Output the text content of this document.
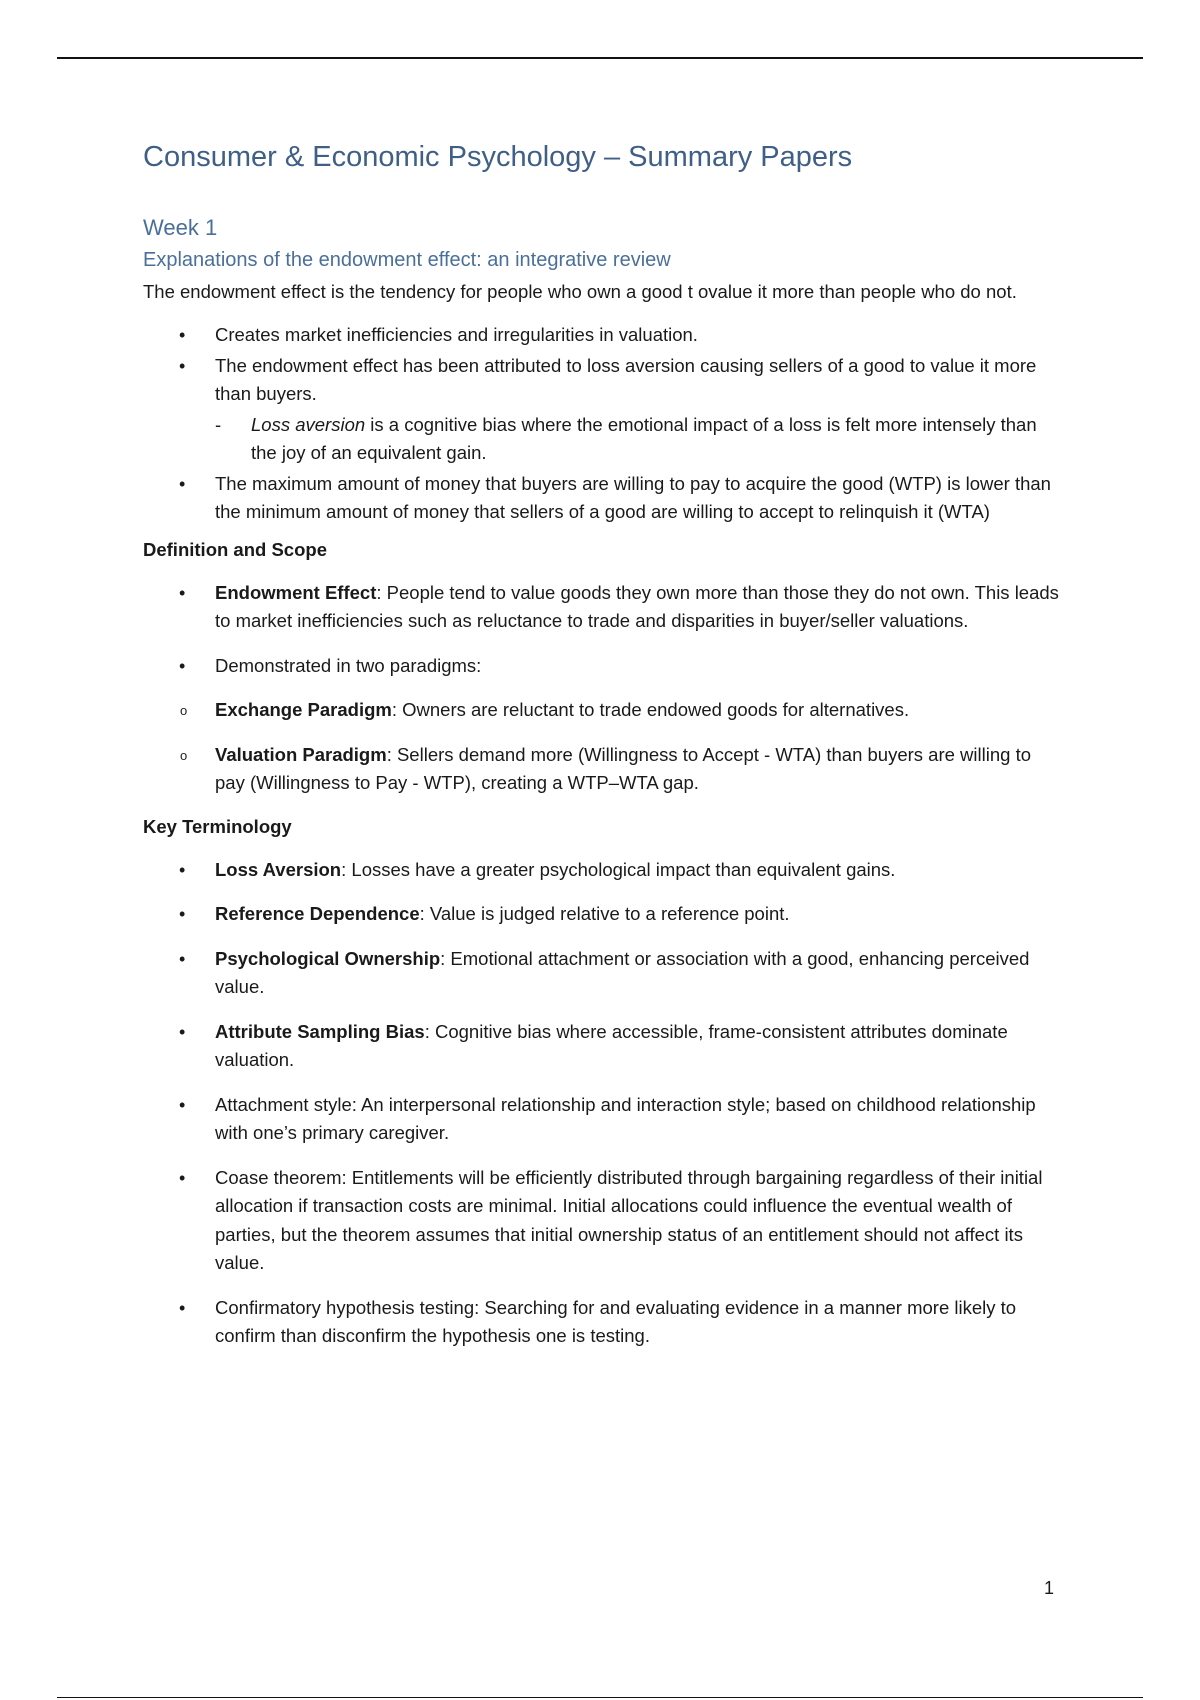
Consumer & Economic Psychology – Summary Papers
Week 1
Explanations of the endowment effect: an integrative review

The endowment effect is the tendency for people who own a good t ovalue it more than people who do not.

• Creates market inefficiencies and irregularities in valuation.
• The endowment effect has been attributed to loss aversion causing sellers of a good to value it more than buyers.
- Loss aversion is a cognitive bias where the emotional impact of a loss is felt more intensely than the joy of an equivalent gain.
• The maximum amount of money that buyers are willing to pay to acquire the good (WTP) is lower than the minimum amount of money that sellers of a good are willing to accept to relinquish it (WTA)
Definition and Scope
• Endowment Effect: People tend to value goods they own more than those they do not own. This leads to market inefficiencies such as reluctance to trade and disparities in buyer/seller valuations.
• Demonstrated in two paradigms:
o Exchange Paradigm: Owners are reluctant to trade endowed goods for alternatives.
o Valuation Paradigm: Sellers demand more (Willingness to Accept - WTA) than buyers are willing to pay (Willingness to Pay - WTP), creating a WTP–WTA gap.
Key Terminology
• Loss Aversion: Losses have a greater psychological impact than equivalent gains.
• Reference Dependence: Value is judged relative to a reference point.
• Psychological Ownership: Emotional attachment or association with a good, enhancing perceived value.
• Attribute Sampling Bias: Cognitive bias where accessible, frame-consistent attributes dominate valuation.
• Attachment style: An interpersonal relationship and interaction style; based on childhood relationship with one’s primary caregiver.
• Coase theorem: Entitlements will be efficiently distributed through bargaining regardless of their initial allocation if transaction costs are minimal. Initial allocations could influence the eventual wealth of parties, but the theorem assumes that initial ownership status of an entitlement should not affect its value.
• Confirmatory hypothesis testing: Searching for and evaluating evidence in a manner more likely to confirm than disconfirm the hypothesis one is testing.
1
